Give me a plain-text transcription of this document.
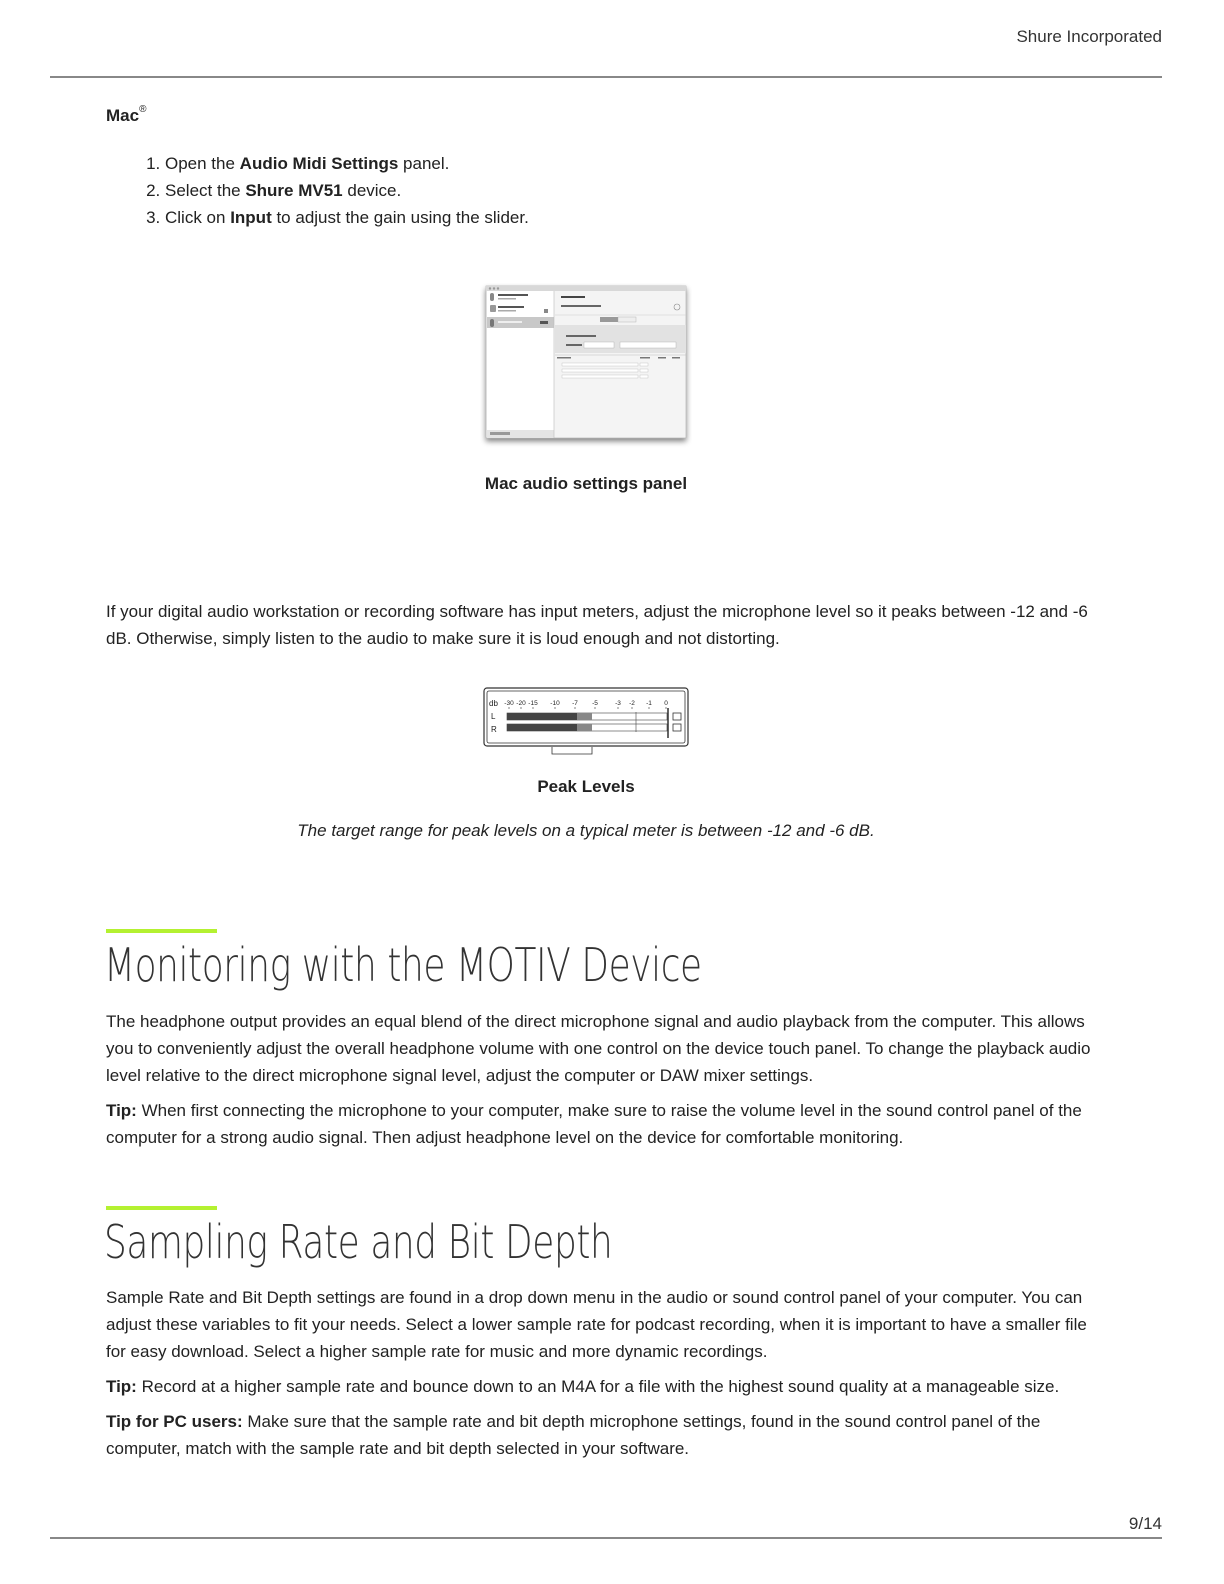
Shure Incorporated
Mac®
1. Open the Audio Midi Settings panel.
2. Select the Shure MV51 device.
3. Click on Input to adjust the gain using the slider.
Mac audio settings panel
If your digital audio workstation or recording software has input meters, adjust the microphone level so it peaks between -12 and -6 dB. Otherwise, simply listen to the audio to make sure it is loud enough and not distorting.
db
L
R
-30 -20 -15 -10 -7 -5	-3 -2 -1 0
Peak Levels
The target range for peak levels on a typical meter is between -12 and -6 dB.
Monitoring with the MOTIV Device

The headphone output provides an equal blend of the direct microphone signal and audio playback from the computer. This allows you to conveniently adjust the overall headphone volume with one control on the device touch panel. To change the playback audio level relative to the direct microphone signal level, adjust the computer or DAW mixer settings.

Tip: When first connecting the microphone to your computer, make sure to raise the volume level in the sound control panel of the computer for a strong audio signal. Then adjust headphone level on the device for comfortable monitoring.

Sampling Rate and Bit Depth

Sample Rate and Bit Depth settings are found in a drop down menu in the audio or sound control panel of your computer. You can adjust these variables to fit your needs. Select a lower sample rate for podcast recording, when it is important to have a smaller file for easy download. Select a higher sample rate for music and more dynamic recordings.

Tip: Record at a higher sample rate and bounce down to an M4A for a file with the highest sound quality at a manageable size.

Tip for PC users: Make sure that the sample rate and bit depth microphone settings, found in the sound control panel of the computer, match with the sample rate and bit depth selected in your software.

9/14
